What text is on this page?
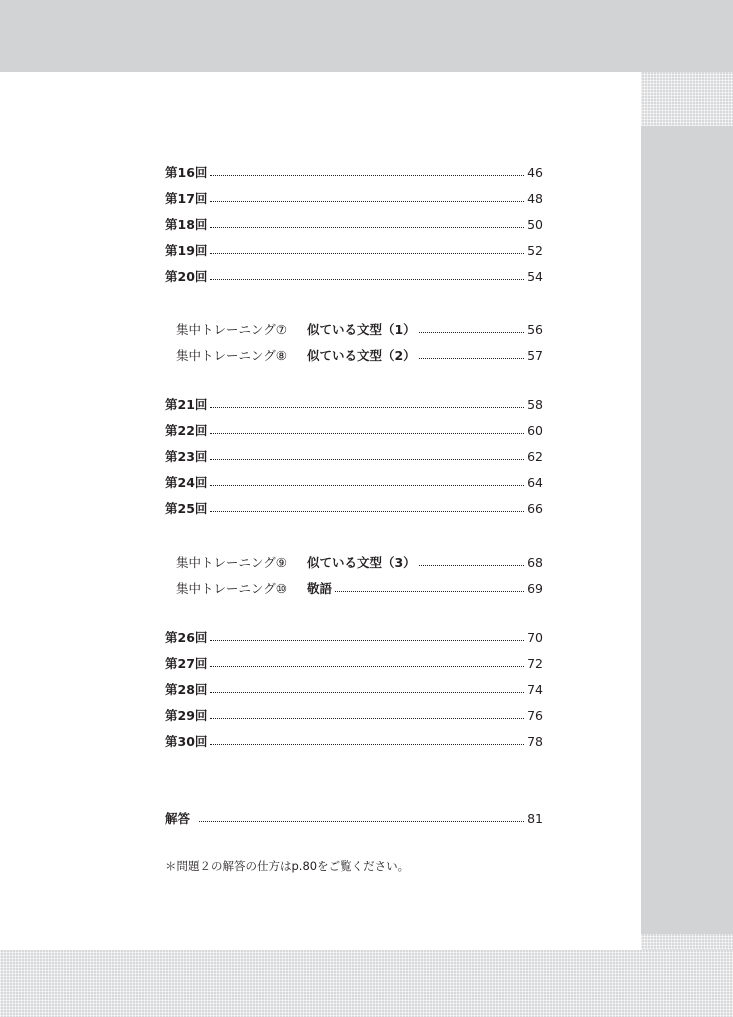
第16回	46
第17回	48
第18回	50
第19回	52
第20回	54
集中トレーニング⑦ 似ている文型（1）	56
集中トレーニング⑧ 似ている文型（2）	57
第21回	58
第22回	60
第23回	62
第24回	64
第25回	66
集中トレーニング⑨ 似ている文型（3）	68
集中トレーニング⑩ 敬語	69
第26回	70
第27回	72
第28回	74
第29回	76
第30回	78
解答	81
＊問題２の解答の仕方はp.80をご覧ください。
